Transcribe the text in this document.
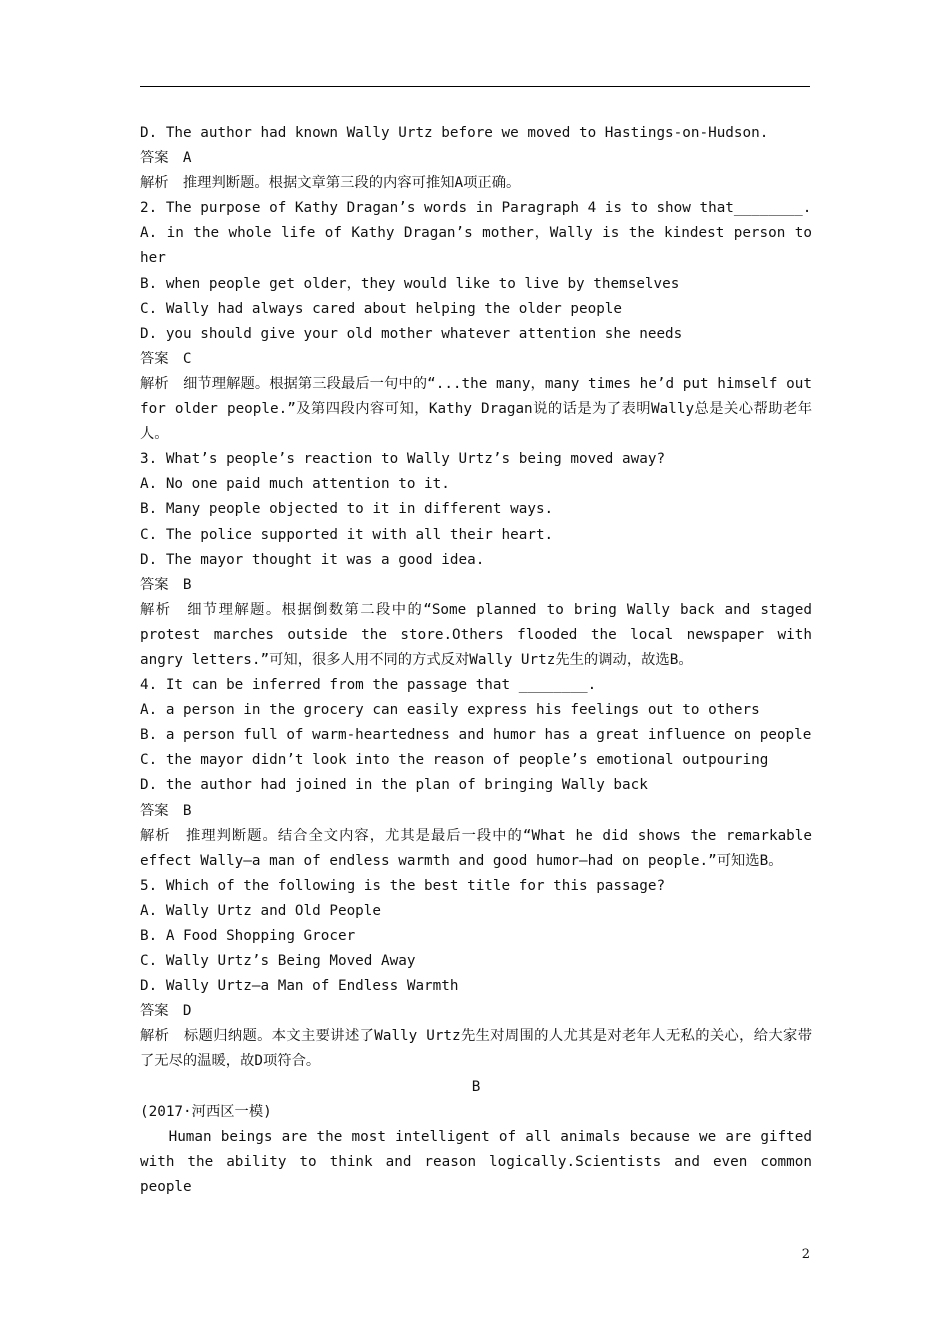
D. The author had known Wally Urtz before we moved to Hastings-on-Hudson.

答案　A

解析　推理判断题。根据文章第三段的内容可推知A项正确。

2. The purpose of Kathy Dragan’s words in Paragraph 4 is to show that________.

A. in the whole life of Kathy Dragan’s mother，Wally is the kindest person to her

B. when people get older，they would like to live by themselves

C. Wally had always cared about helping the older people

D. you should give your old mother whatever attention she needs

答案　C

解析　细节理解题。根据第三段最后一句中的“...the many，many times he’d put himself out for older people.”及第四段内容可知，Kathy Dragan说的话是为了表明Wally总是关心帮助老年人。

3. What’s people’s reaction to Wally Urtz’s being moved away?

A. No one paid much attention to it.

B. Many people objected to it in different ways.

C. The police supported it with all their heart.

D. The mayor thought it was a good idea.

答案　B

解析　细节理解题。根据倒数第二段中的“Some planned to bring Wally back and staged protest marches outside the store.Others flooded the local newspaper with angry letters.”可知，很多人用不同的方式反对Wally Urtz先生的调动，故选B。

4. It can be inferred from the passage that ________.

A. a person in the grocery can easily express his feelings out to others

B. a person full of warm-heartedness and humor has a great influence on people

C. the mayor didn’t look into the reason of people’s emotional outpouring

D. the author had joined in the plan of bringing Wally back

答案　B

解析　推理判断题。结合全文内容，尤其是最后一段中的“What he did shows the remarkable effect Wally—a man of endless warmth and good humor—had on people.”可知选B。

5. Which of the following is the best title for this passage?

A. Wally Urtz and Old People

B. A Food Shopping Grocer

C. Wally Urtz’s Being Moved Away

D. Wally Urtz—a Man of Endless Warmth

答案　D

解析　标题归纳题。本文主要讲述了Wally Urtz先生对周围的人尤其是对老年人无私的关心，给大家带了无尽的温暖，故D项符合。

B

(2017·河西区一模)

Human beings are the most intelligent of all animals because we are gifted with the ability to think and reason logically.Scientists and even common people

2
